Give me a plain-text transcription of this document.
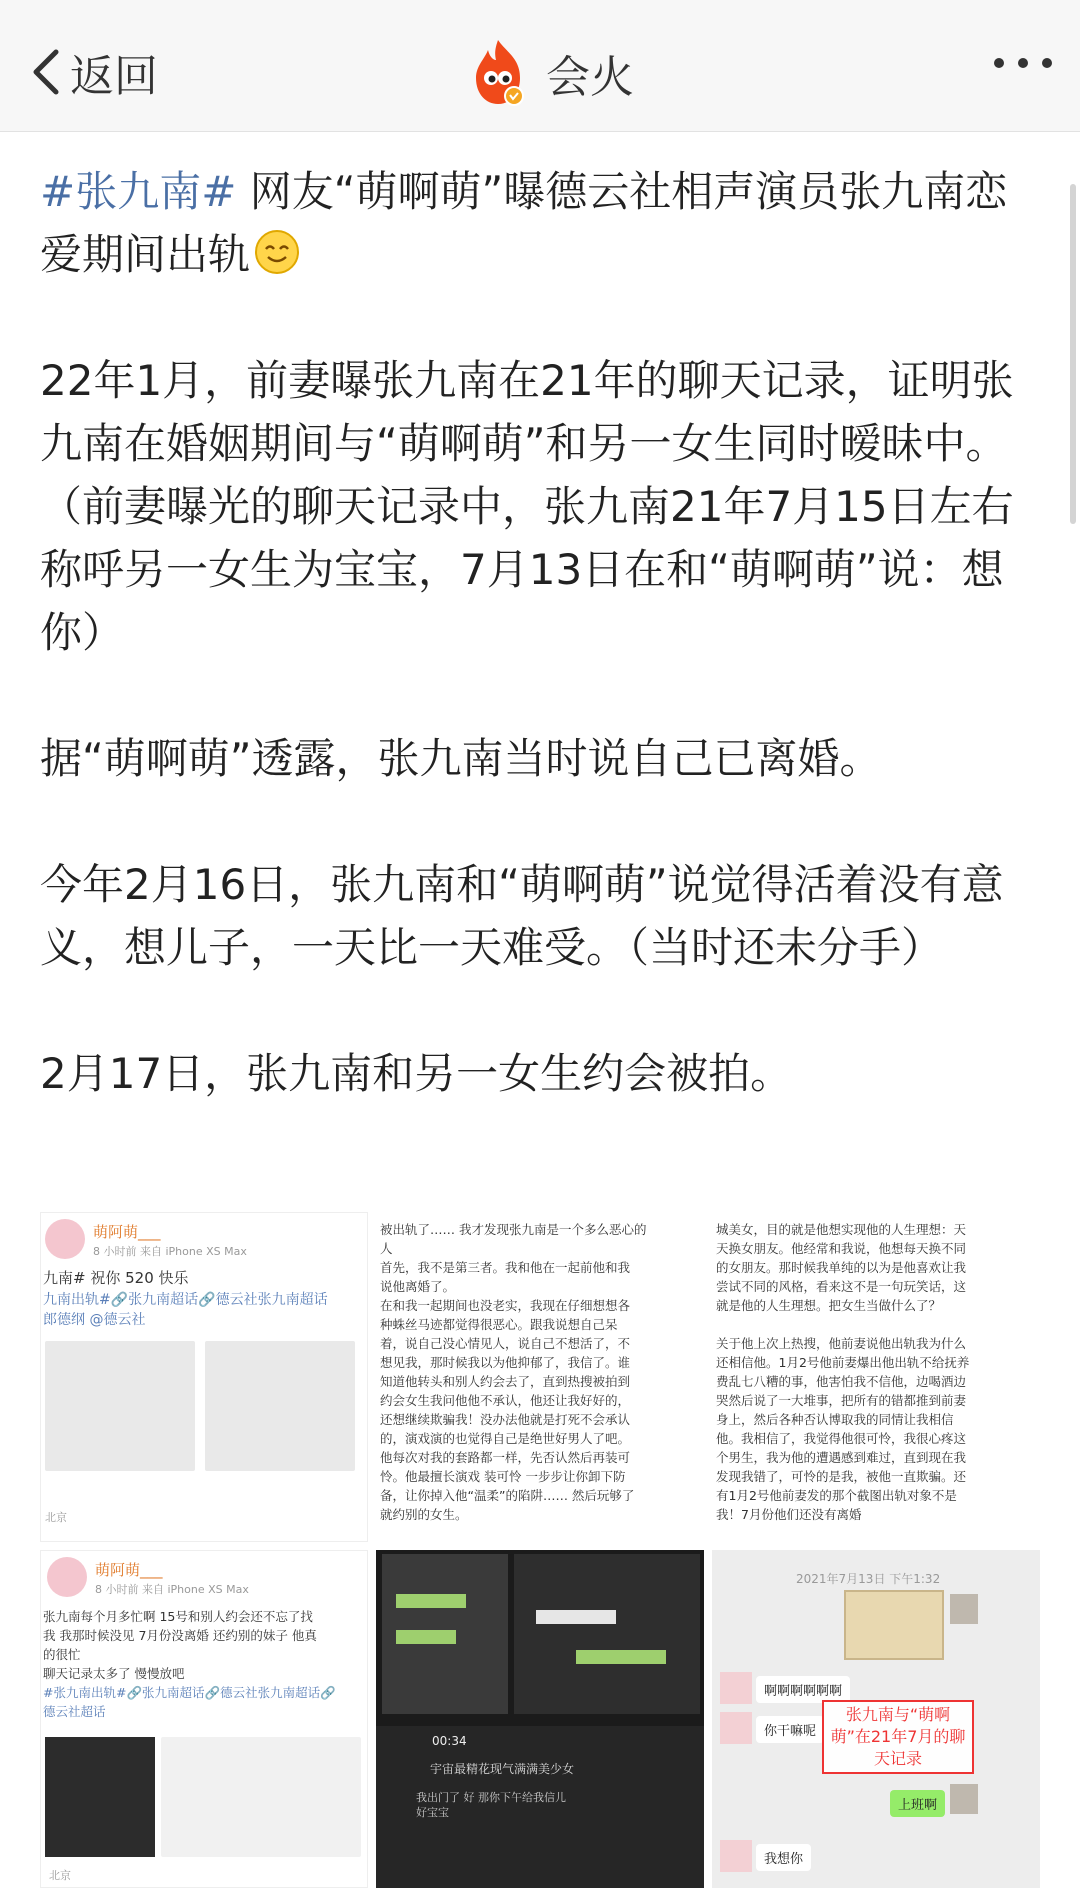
返回	会火

#张九南# 网友“萌啊萌”曝德云社相声演员张九南恋爱期间出轨

22年1月，前妻曝张九南在21年的聊天记录，证明张九南在婚姻期间与“萌啊萌”和另一女生同时暧昧中。（前妻曝光的聊天记录中，张九南21年7月15日左右称呼另一女生为宝宝，7月13日在和“萌啊萌”说：想你）

据“萌啊萌”透露，张九南当时说自己已离婚。

今年2月16日，张九南和“萌啊萌”说觉得活着没有意义，想儿子，一天比一天难受。（当时还未分手）

2月17日，张九南和另一女生约会被拍。

萌阿萌___
8 小时前 来自 iPhone XS Max
九南# 祝你 520 快乐
九南出轨#🔗张九南超话🔗德云社张九南超话
郎德纲 @德云社
北京
被出轨了…… 我才发现张九南是一个多么恶心的
人
首先，我不是第三者。我和他在一起前他和我
说他离婚了。
在和我一起期间也没老实，我现在仔细想想各
种蛛丝马迹都觉得很恶心。跟我说想自己呆
着，说自己没心情见人，说自己不想活了，不
想见我，那时候我以为他抑郁了，我信了。谁
知道他转头和别人约会去了，直到热搜被拍到
约会女生我问他他不承认，他还让我好好的，
还想继续欺骗我！没办法他就是打死不会承认
的，演戏演的也觉得自己是绝世好男人了吧。
他每次对我的套路都一样，先否认然后再装可
怜。他最擅长演戏 装可怜 一步步让你卸下防
备，让你掉入他“温柔”的陷阱…… 然后玩够了
就约别的女生。
城美女，目的就是他想实现他的人生理想：天
天换女朋友。他经常和我说，他想每天换不同
的女朋友。那时候我单纯的以为是他喜欢让我
尝试不同的风格，看来这不是一句玩笑话，这
就是他的人生理想。把女生当做什么了？
关于他上次上热搜，他前妻说他出轨我为什么
还相信他。1月2号他前妻爆出他出轨不给抚养
费乱七八糟的事，他害怕我不信他，边喝酒边
哭然后说了一大堆事，把所有的错都推到前妻
身上，然后各种否认博取我的同情让我相信
他。我相信了，我觉得他很可怜，我很心疼这
个男生，我为他的遭遇感到难过，直到现在我
发现我错了，可怜的是我，被他一直欺骗。还
有1月2号他前妻发的那个截图出轨对象不是
我！7月份他们还没有离婚
萌阿萌___
8 小时前 来自 iPhone XS Max
张九南每个月多忙啊 15号和别人约会还不忘了找
我 我那时候没见 7月份没离婚 还约别的妹子 他真
的很忙
聊天记录太多了 慢慢放吧
#张九南出轨#🔗张九南超话🔗德云社张九南超话🔗
德云社超话
北京
00:34
宇宙最精花现气满满美少女
我出门了 好 那你下午给我信儿 好宝宝
2021年7月13日 下午1:32
啊啊啊啊啊啊
你干嘛呢
张九南与“萌啊萌”在21年7月的聊天记录
上班啊
我想你
